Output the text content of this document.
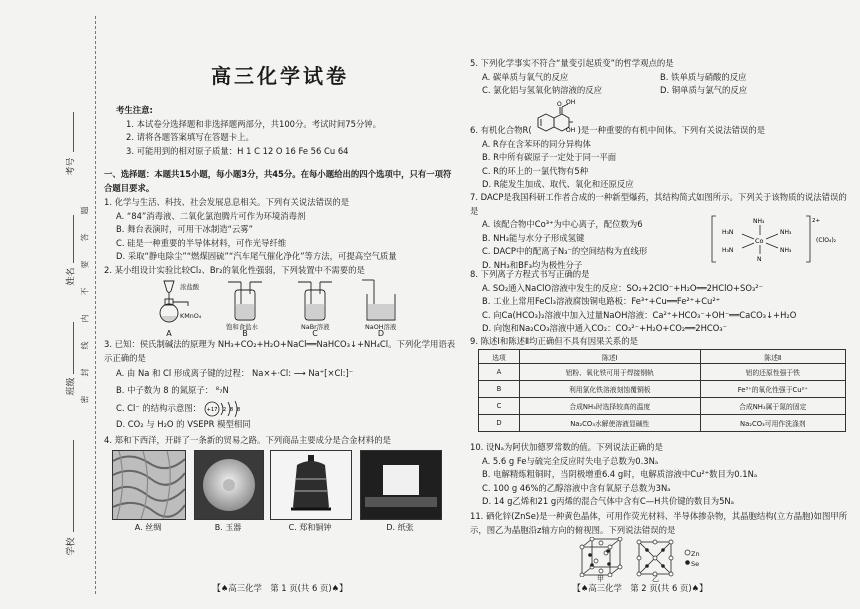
考号
姓名
班级
学校
密
封
线
内
不
要
答
题
高三化学试卷
考生注意:
1. 本试卷分选择题和非选择题两部分，共100分。考试时间75分钟。
2. 请将各题答案填写在答题卡上。
3. 可能用到的相对原子质量：H 1 C 12 O 16 Fe 56 Cu 64
一、选择题：本题共15小题，每小题3分，共45分。在每小题给出的四个选项中，只有一项符合题目要求。
1. 化学与生活、科技、社会发展息息相关。下列有关说法错误的是
A. “84”消毒液、二氧化氯泡腾片可作为环境消毒剂
B. 舞台表演时，可用干冰制造“云雾”
C. 硅是一种重要的半导体材料，可作光导纤维
D. 采取“静电除尘”“燃煤固硫”“汽车尾气催化净化”等方法，可提高空气质量
2. 某小组设计实验比较Cl₂、Br₂的氧化性强弱，下列装置中不需要的是
浓盐酸
KMnO₄
饱和食盐水	NaBr溶液	NaOH溶液
A	B	C	D
3. 已知：侯氏制碱法的原理为 NH₃+CO₂+H₂O+NaCl══NaHCO₃↓+NH₄Cl。下列化学用语表示正确的是
A. 由 Na 和 Cl 形成离子键的过程： Na×+·Cl: ⟶ Na⁺[×Cl:]⁻
B. 中子数为 8 的氮原子： ⁸₇N
C. Cl⁻ 的结构示意图： +17 2 8 8
D. CO₂ 与 H₂O 的 VSEPR 模型相同
4. 郑和下西洋，开辟了一条新的贸易之路。下列商品主要成分是合金材料的是
A. 丝绸	B. 玉器	C. 郑和铜钟	D. 纸张
【♠高三化学　第 1 页(共 6 页)♠】
5. 下列化学事实不符合“量变引起质变”的哲学观点的是
A. 碳单质与氧气的反应	B. 铁单质与硝酸的反应
C. 氯化铝与氢氧化钠溶液的反应	D. 铜单质与氯气的反应
6. 有机化合物R(
O OH
OH )是一种重要的有机中间体。下列有关说法错误的是
A. R存在含苯环的同分异构体
B. R中所有碳原子一定处于同一平面
C. R的环上的一氯代物有5种
D. R能发生加成、取代、氧化和还原反应
7. DACP是我国科研工作者合成的一种新型爆药，其结构简式如图所示。下列关于该物质的说法错误的是
A. 该配合物中Co³⁺为中心离子，配位数为6
B. NH₃能与水分子形成氢键
C. DACP中的配离子N₃⁻的空间结构为直线形
D. NH₃和BF₃均为极性分子
NH₃
H₃N	NH₃
Co
N
H₃N	NH₃
2+
(ClO₄)₂
8. 下列离子方程式书写正确的是
A. SO₂通入NaClO溶液中发生的反应：SO₂+2ClO⁻+H₂O══2HClO+SO₃²⁻
B. 工业上常用FeCl₃溶液腐蚀铜电路板：Fe³⁺+Cu══Fe²⁺+Cu²⁺
C. 向Ca(HCO₃)₂溶液中加入过量NaOH溶液：Ca²⁺+HCO₃⁻+OH⁻══CaCO₃↓+H₂O
D. 向饱和Na₂CO₃溶液中通入CO₂：CO₃²⁻+H₂O+CO₂══2HCO₃⁻
9. 陈述Ⅰ和陈述Ⅱ均正确但不具有因果关系的是
选项	陈述Ⅰ	陈述Ⅱ
A	铝粉、氧化铁可用于焊接钢轨	铝的还原性强于铁
B	利用氯化铁溶液刻蚀覆铜板	Fe³⁺的氧化性强于Cu²⁺
C	合成NH₃时选择较高的温度	合成NH₃属于氮的固定
D	Na₂CO₃水解使溶液显碱性	Na₂CO₃可用作洗涤剂
10. 设Nₐ为阿伏加德罗常数的值。下列说法正确的是
A. 5.6 g Fe与硫完全反应时失电子总数为0.3Nₐ
B. 电解精炼粗铜时，当阴极增重6.4 g时，电解质溶液中Cu²⁺数目为0.1Nₐ
C. 100 g 46%的乙醇溶液中含有氧原子总数为3Nₐ
D. 14 g乙烯和21 g丙烯的混合气体中含有C—H共价键的数目为5Nₐ
11. 硒化锌(ZnSe)是一种黄色晶体，可用作荧光材料、半导体掺杂物，其晶胞结构(立方晶胞)如图甲所示，图乙为晶胞沿z轴方向的俯视图。下列说法错误的是
甲	乙
Zn
Se
【♠高三化学　第 2 页(共 6 页)♠】
